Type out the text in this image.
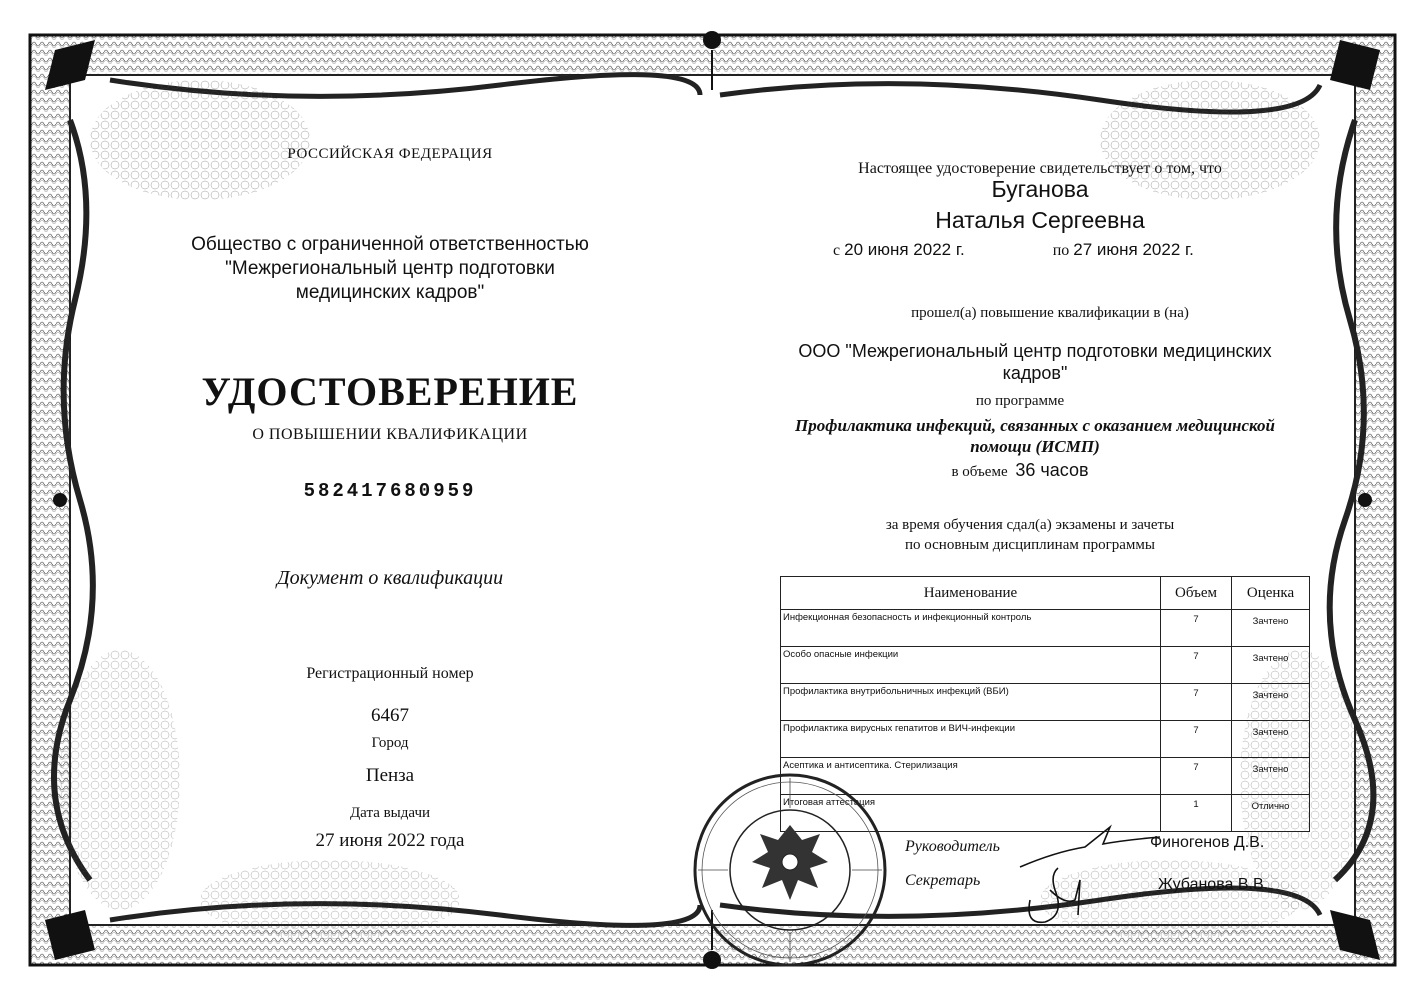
РОССИЙСКАЯ ФЕДЕРАЦИЯ
Общество с ограниченной ответственностью
"Межрегиональный центр подготовки
медицинских кадров"
УДОСТОВЕРЕНИЕ
О ПОВЫШЕНИИ КВАЛИФИКАЦИИ
582417680959
Документ о квалификации
Регистрационный номер
6467
Город
Пенза
Дата выдачи
27 июня 2022 года
Настоящее удостоверение свидетельствует о том, что
Буганова
Наталья Сергеевна
с 20 июня 2022 г.	по 27 июня 2022 г.
прошел(а) повышение квалификации в (на)
ООО "Межрегиональный центр подготовки медицинских
кадров"
по программе
Профилактика инфекций, связанных с оказанием медицинской
помощи (ИСМП)
в объеме 36 часов
за время обучения сдал(а) экзамены и зачеты
по основным дисциплинам программы
Наименование	Объем	Оценка
Инфекционная безопасность и инфекционный контроль	7	Зачтено
Особо опасные инфекции	7	Зачтено
Профилактика внутрибольничных инфекций (ВБИ)	7	Зачтено
Профилактика вирусных гепатитов и ВИЧ-инфекции	7	Зачтено
Асептика и антисептика. Стерилизация	7	Зачтено
Итоговая аттестация	1	Отлично
Руководитель	Финогенов Д.В.
Секретарь	Жубанова В.В.
